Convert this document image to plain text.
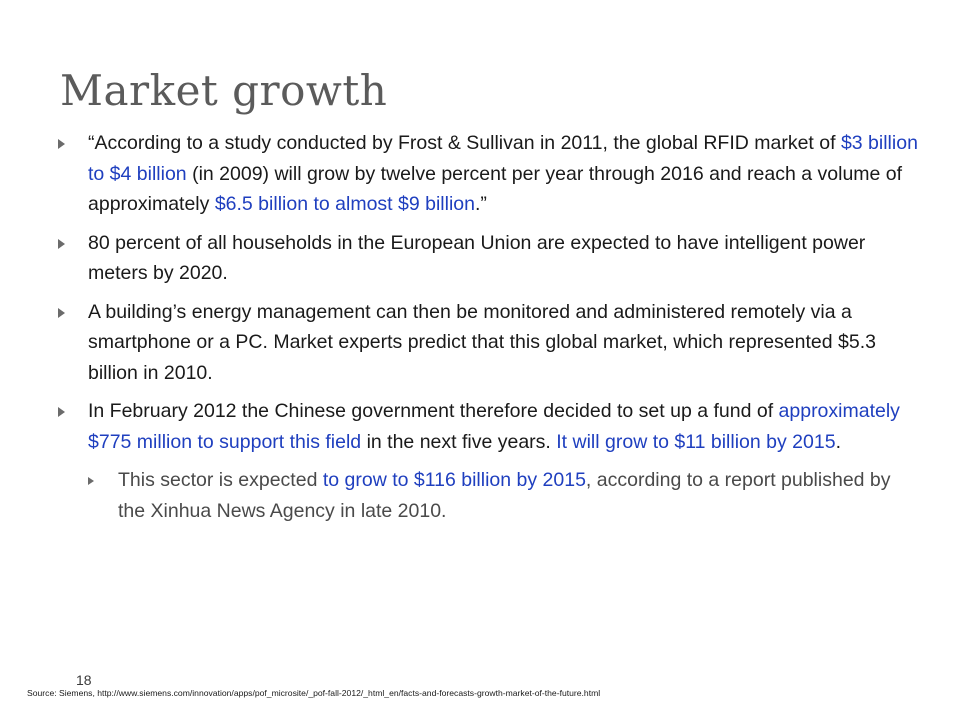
Market growth
“According to a study conducted by Frost & Sullivan in 2011, the global RFID market of $3 billion to $4 billion (in 2009) will grow by twelve percent per year through 2016 and reach a volume of approximately $6.5 billion to almost $9 billion.”
80 percent of all households in the European Union are expected to have intelligent power meters by 2020.
A building’s energy management can then be monitored and administered remotely via a smartphone or a PC. Market experts predict that this global market, which represented $5.3 billion in 2010.
In February 2012 the Chinese government therefore decided to set up a fund of approximately $775 million to support this field in the next five years. It will grow to $11 billion by 2015.
This sector is expected to grow to $116 billion by 2015, according to a report published by the Xinhua News Agency in late 2010.
18
Source: Siemens, http://www.siemens.com/innovation/apps/pof_microsite/_pof-fall-2012/_html_en/facts-and-forecasts-growth-market-of-the-future.html
